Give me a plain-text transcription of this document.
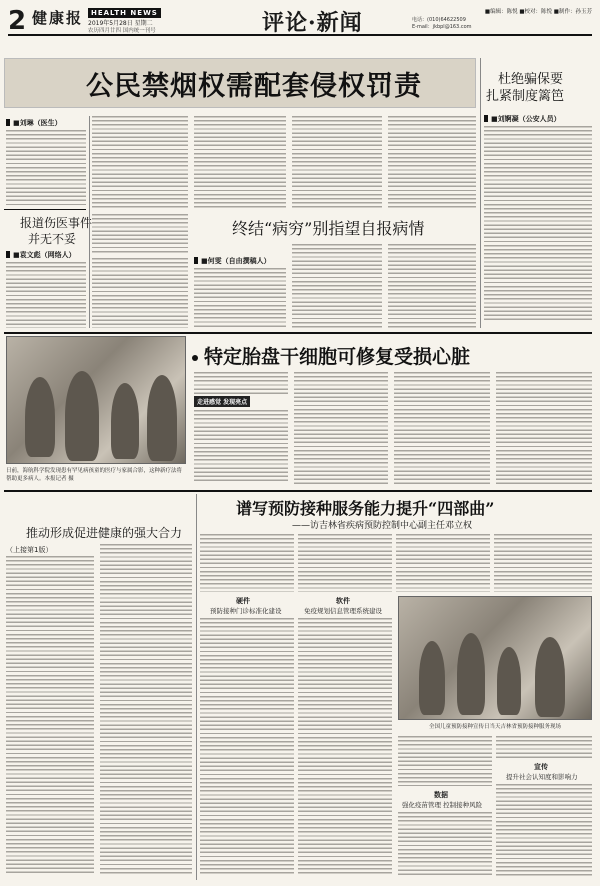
2 健康报	HEALTH NEWS
2019年5月28日 星期二
农历四月廿四 国内统一刊号	评论·新闻	■编辑：陈悦 ■校对：陈悦 ■制作：孙玉芳
电话：(010)64622509
E-mail：jkbpl@163.com
公民禁烟权需配套侵权罚责	杜绝骗保要
扎紧制度篱笆
■刘婀凝（公安人员）
■刘琳（医生）
报道伤医事件
并无不妥
■袁文彪（网络人）
终结“病穷”别指望自报病情
■何雯（自由撰稿人）
特定胎盘干细胞可修复受损心脏
走进感觉 发现亮点
日前，海航科学院发现患有罕见病孩童的医疗与家属合影，这种新疗法将帮助更多病人。本报记者 摄
谱写预防接种服务能力提升“四部曲”
——访吉林省疾病预防控制中心副主任邓立权
推动形成促进健康的强大合力
（上接第1版）
硬件
预防接种门诊标准化建设
软件
免疫规划信息管理系统建设
全国儿童预防接种宣传日当天吉林省预防接种服务现场
数据
强化疫苗管理 控制接种风险
宣传
提升社会认知度和影响力
